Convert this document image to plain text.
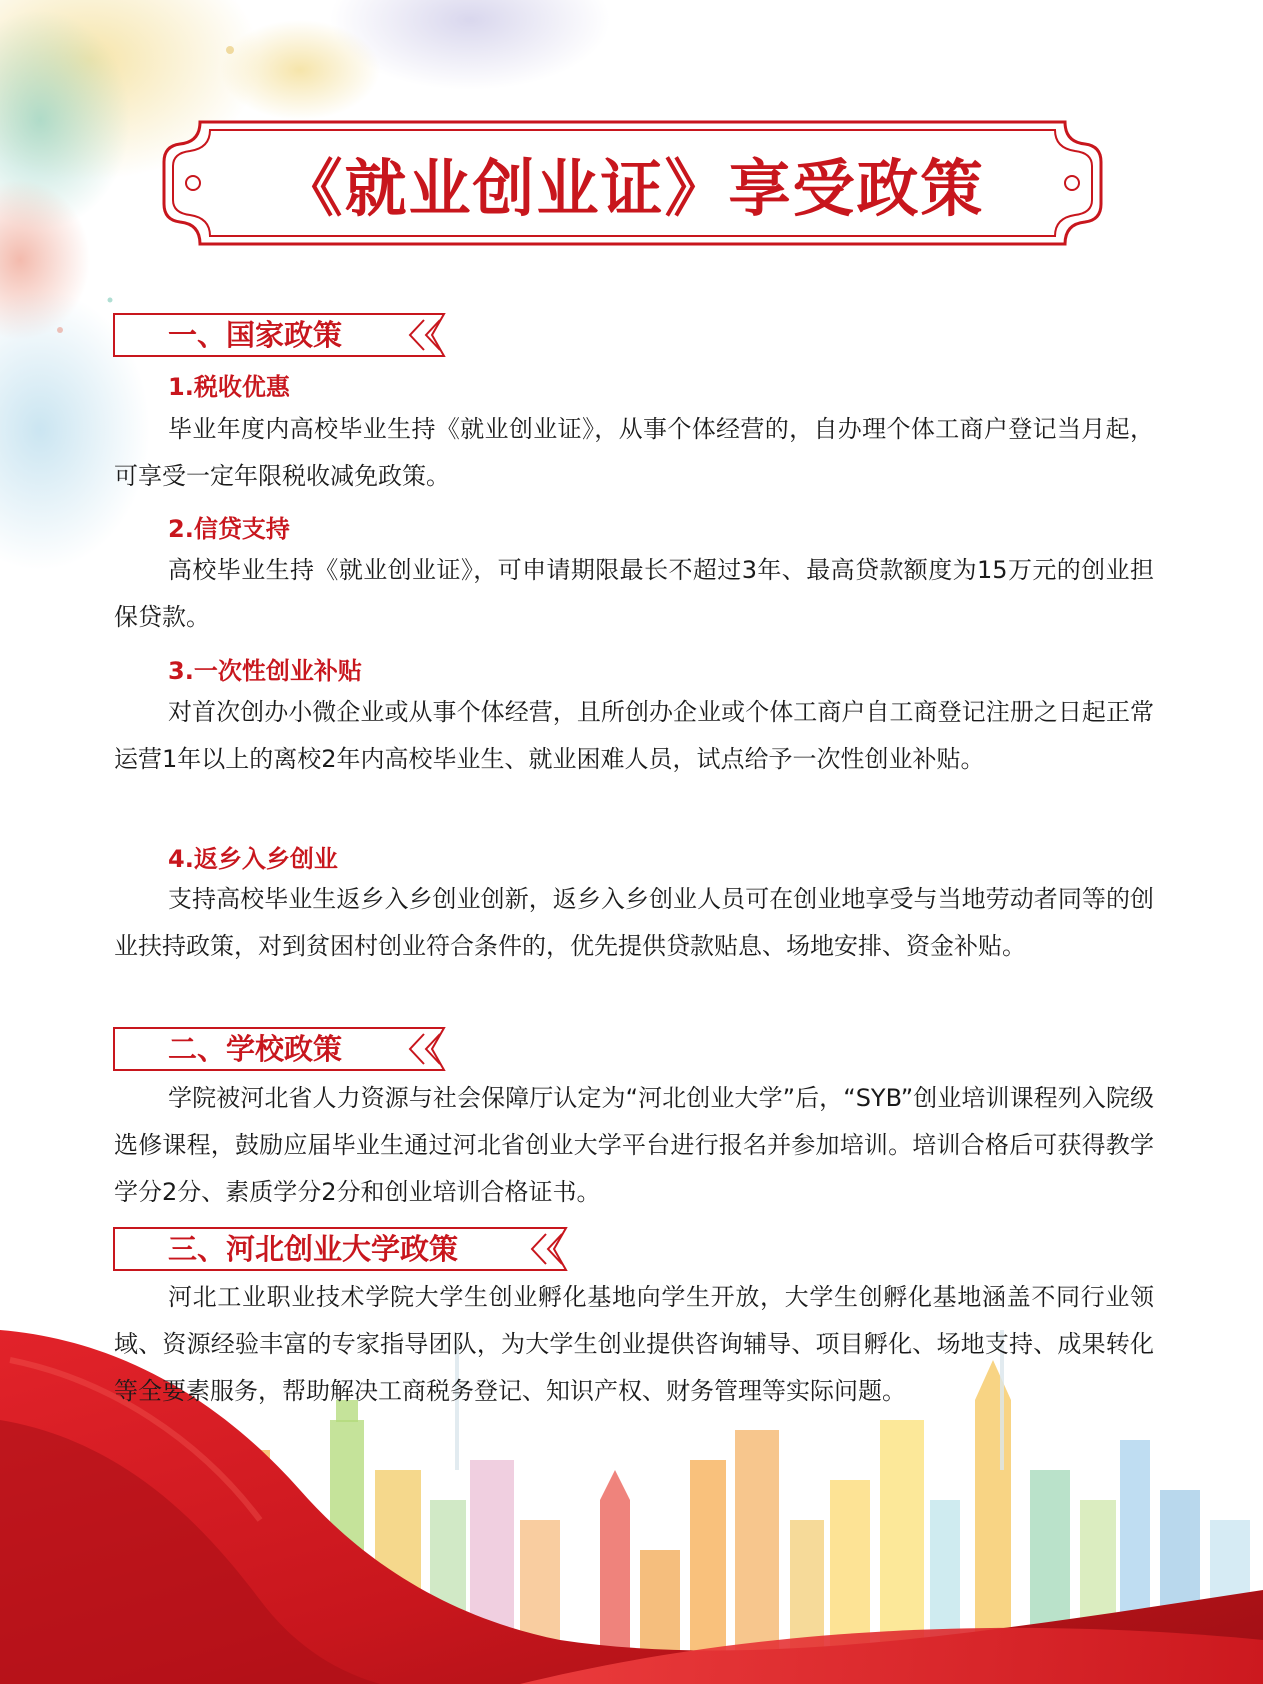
《就业创业证》享受政策
一、国家政策
1.税收优惠

毕业年度内高校毕业生持《就业创业证》，从事个体经营的，自办理个体工商户登记当月起，可享受一定年限税收减免政策。

2.信贷支持

高校毕业生持《就业创业证》，可申请期限最长不超过3年、最高贷款额度为15万元的创业担保贷款。

3.一次性创业补贴

对首次创办小微企业或从事个体经营，且所创办企业或个体工商户自工商登记注册之日起正常运营1年以上的离校2年内高校毕业生、就业困难人员，试点给予一次性创业补贴。

4.返乡入乡创业

支持高校毕业生返乡入乡创业创新，返乡入乡创业人员可在创业地享受与当地劳动者同等的创业扶持政策，对到贫困村创业符合条件的，优先提供贷款贴息、场地安排、资金补贴。

二、学校政策

学院被河北省人力资源与社会保障厅认定为“河北创业大学”后，“SYB”创业培训课程列入院级选修课程，鼓励应届毕业生通过河北省创业大学平台进行报名并参加培训。培训合格后可获得教学学分2分、素质学分2分和创业培训合格证书。

三、河北创业大学政策

河北工业职业技术学院大学生创业孵化基地向学生开放，大学生创孵化基地涵盖不同行业领域、资源经验丰富的专家指导团队，为大学生创业提供咨询辅导、项目孵化、场地支持、成果转化等全要素服务，帮助解决工商税务登记、知识产权、财务管理等实际问题。
